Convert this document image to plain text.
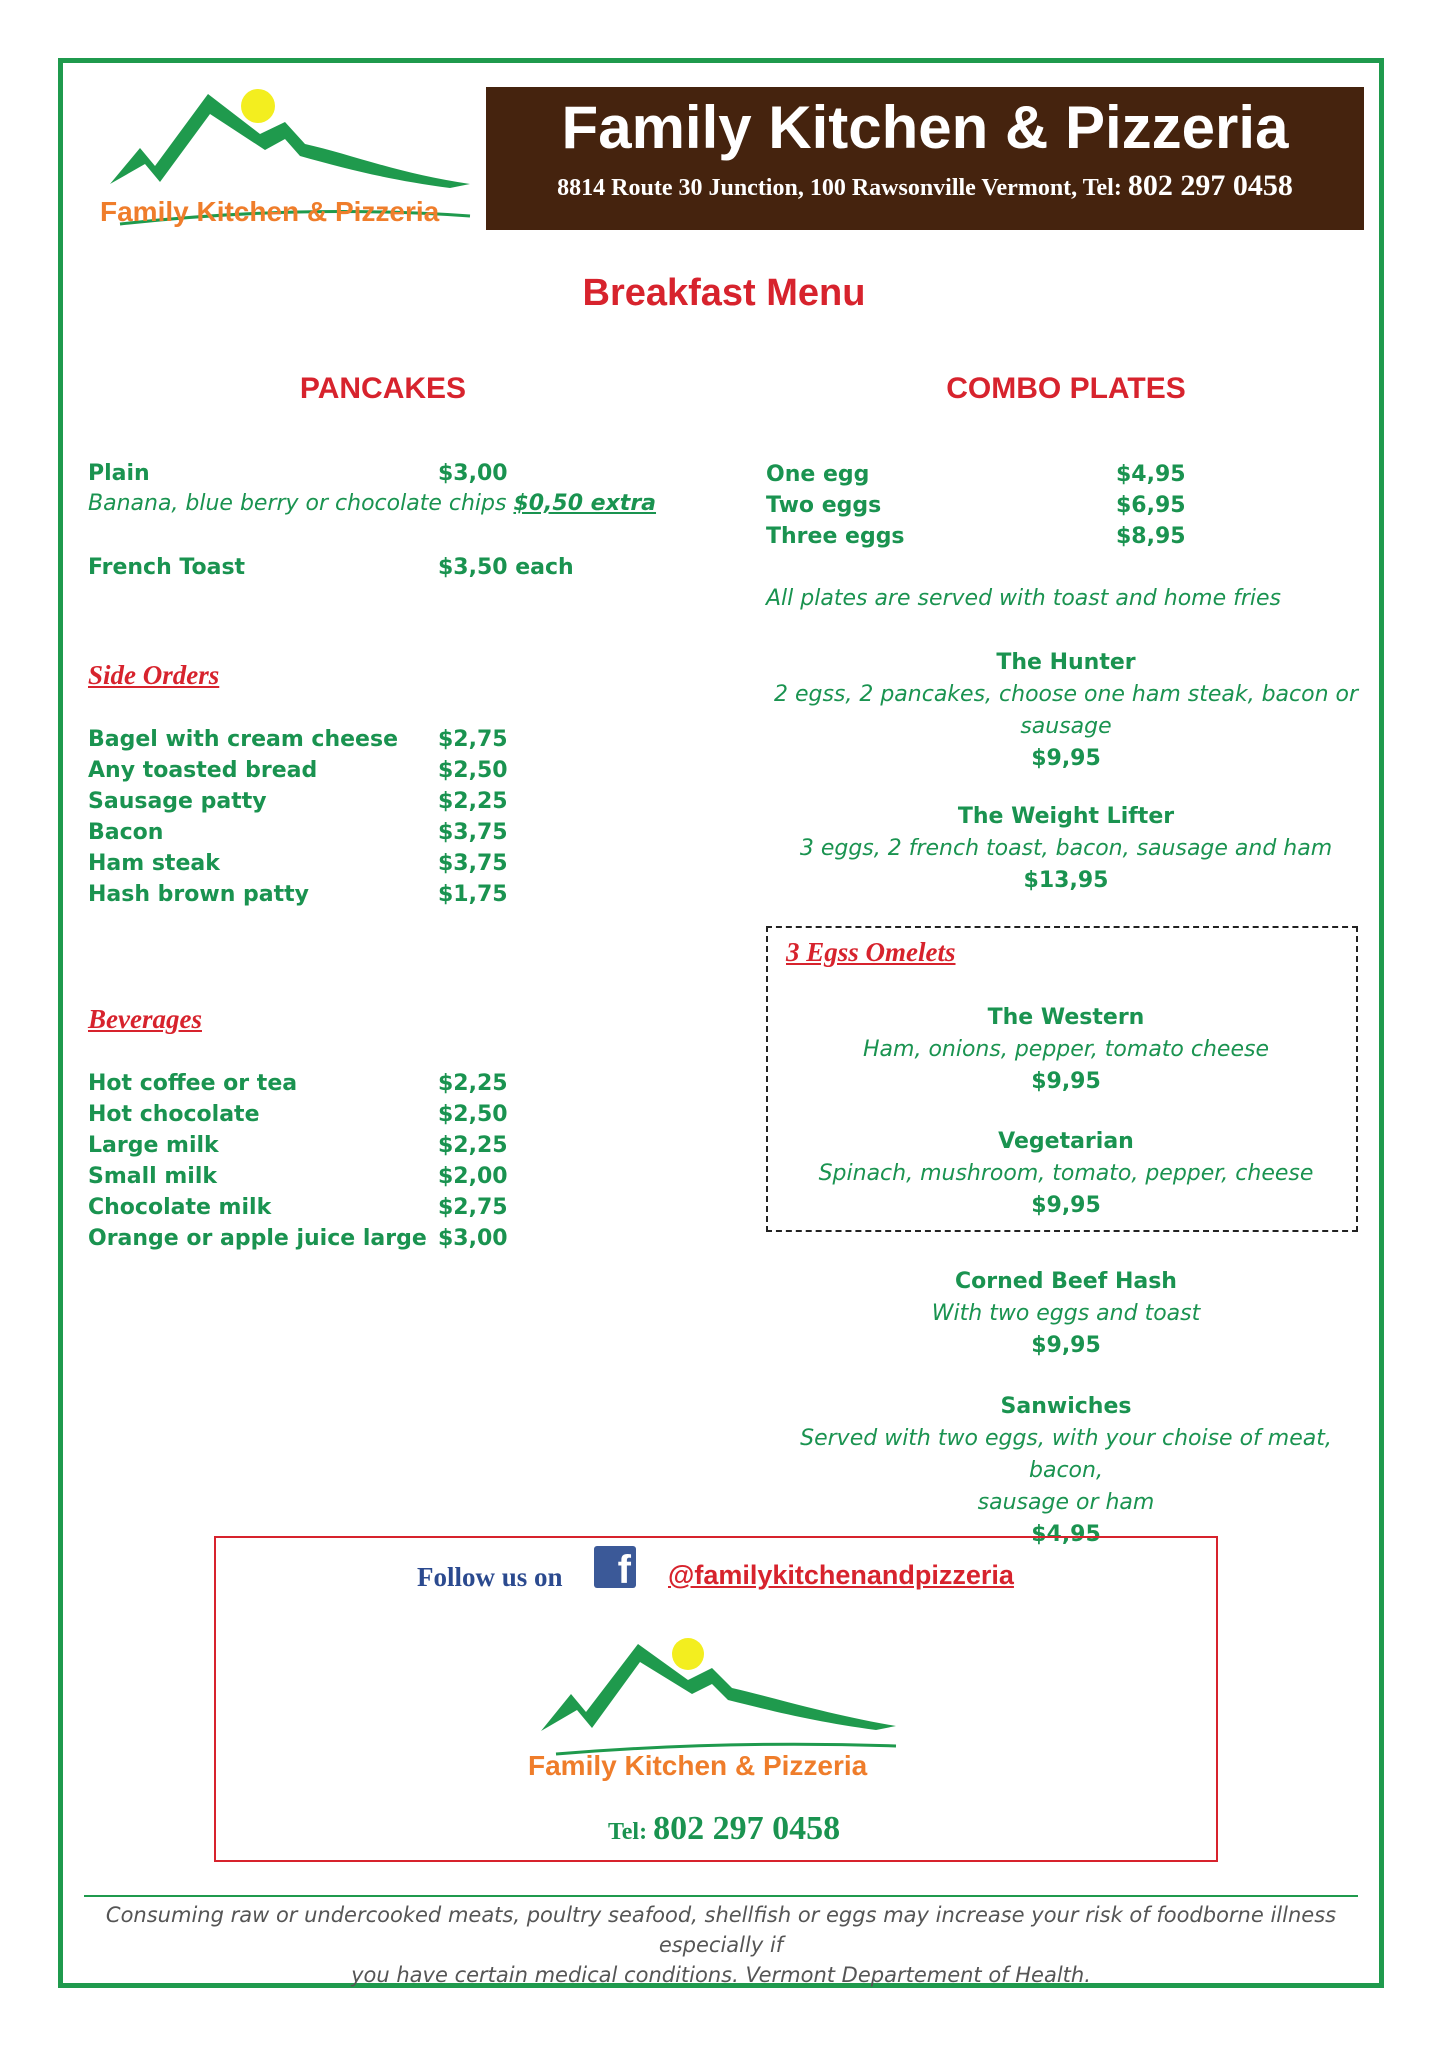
Family Kitchen & Pizzeria
Family Kitchen & Pizzeria
8814 Route 30 Junction, 100 Rawsonville Vermont, Tel: 802 297 0458
Breakfast Menu
PANCAKES
Plain	$3,00
Banana, blue berry or chocolate chips $0,50 extra
French Toast	$3,50 each
Side Orders
Bagel with cream cheese $2,75
Any toasted bread	$2,50
Sausage patty	$2,25
Bacon	$3,75
Ham steak	$3,75
Hash brown patty	$1,75
Beverages
Hot coffee or tea	$2,25
Hot chocolate	$2,50
Large milk	$2,25
Small milk	$2,00
Chocolate milk	$2,75
Orange or apple juice large $3,00
COMBO PLATES
One egg	$4,95
Two eggs	$6,95
Three eggs	$8,95
All plates are served with toast and home fries
The Hunter
2 egss, 2 pancakes, choose one ham steak, bacon or
sausage
$9,95
The Weight Lifter
3 eggs, 2 french toast, bacon, sausage and ham
$13,95
3 Egss Omelets
The Western
Ham, onions, pepper, tomato cheese
$9,95
Vegetarian
Spinach, mushroom, tomato, pepper, cheese
$9,95
Corned Beef Hash
With two eggs and toast
$9,95
Sanwiches
Served with two eggs, with your choise of meat, bacon,
sausage or ham
$4,95
Follow us on f @familykitchenandpizzeria
Family Kitchen & Pizzeria
Tel: 802 297 0458
Consuming raw or undercooked meats, poultry seafood, shellfish or eggs may increase your risk of foodborne illness especially if
you have certain medical conditions. Vermont Departement of Health.
